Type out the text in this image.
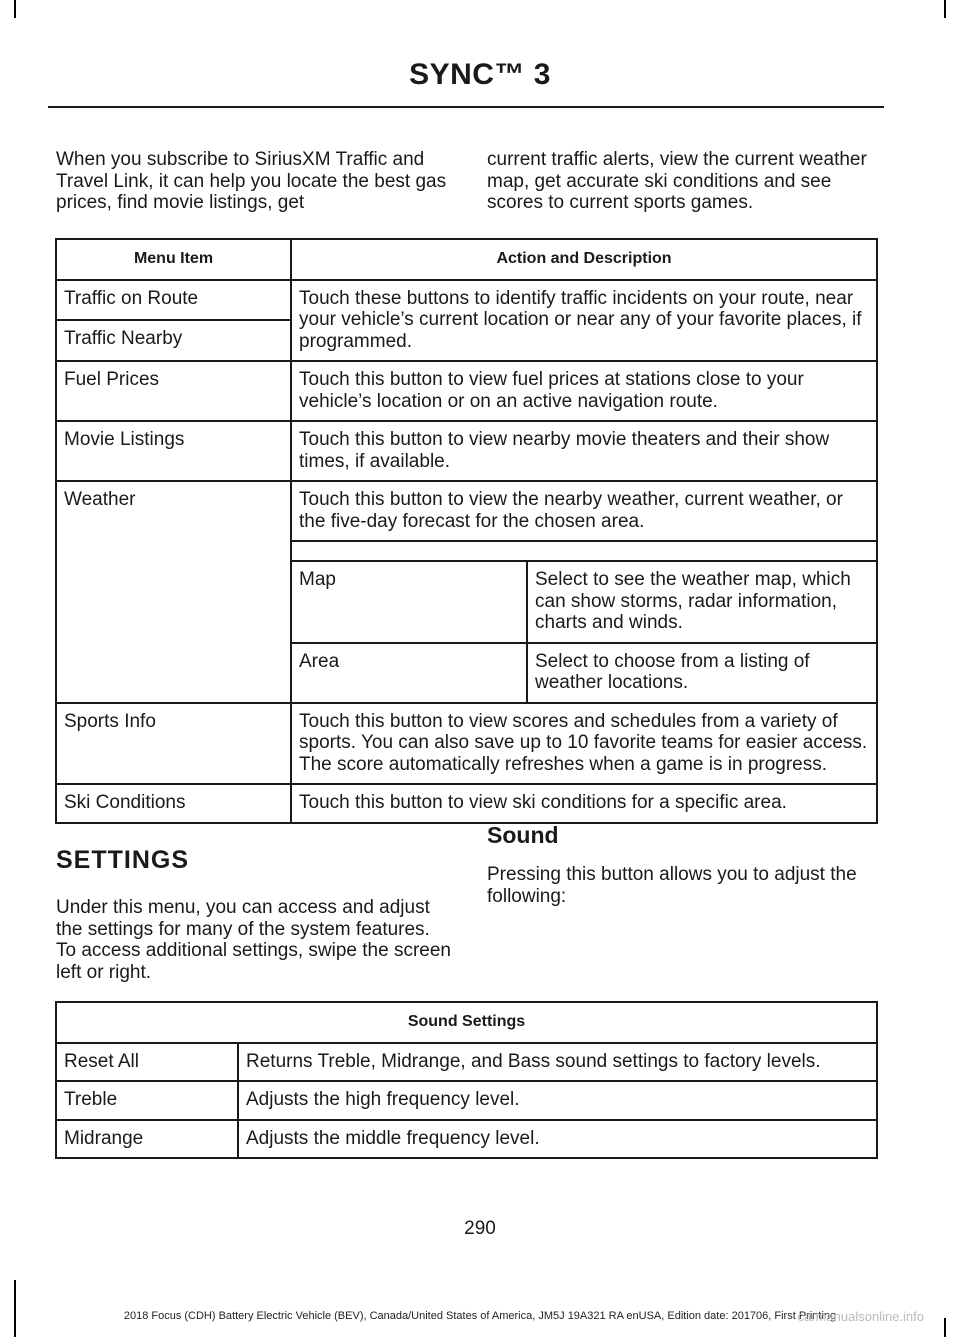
SYNC™ 3

When you subscribe to SiriusXM Traffic and Travel Link, it can help you locate the best gas prices, find movie listings, get

current traffic alerts, view the current weather map, get accurate ski conditions and see scores to current sports games.

Menu Item	Action and Description
Traffic on Route	Touch these buttons to identify traffic incidents on your route, near your vehicle’s current location or near any of your favorite places, if programmed.
Traffic Nearby
Fuel Prices	Touch this button to view fuel prices at stations close to your vehicle’s location or on an active navigation route.
Movie Listings	Touch this button to view nearby movie theaters and their show times, if available.
Weather	Touch this button to view the nearby weather, current weather, or the five-day forecast for the chosen area.

Map	Select to see the weather map, which can show storms, radar information, charts and winds.
Area	Select to choose from a listing of weather locations.

Sports Info	Touch this button to view scores and schedules from a variety of sports. You can also save up to 10 favorite teams for easier access. The score automatically refreshes when a game is in progress.
Ski Conditions	Touch this button to view ski conditions for a specific area.
SETTINGS

Under this menu, you can access and adjust the settings for many of the system features. To access additional settings, swipe the screen left or right.

Sound

Pressing this button allows you to adjust the following:

Sound Settings	
Reset All	Returns Treble, Midrange, and Bass sound settings to factory levels.
Treble	Adjusts the high frequency level.
Midrange	Adjusts the middle frequency level.
290
2018 Focus (CDH) Battery Electric Vehicle (BEV), Canada/United States of America, JM5J 19A321 RA enUSA, Edition date: 201706, First Printing
carmanualsonline.info
